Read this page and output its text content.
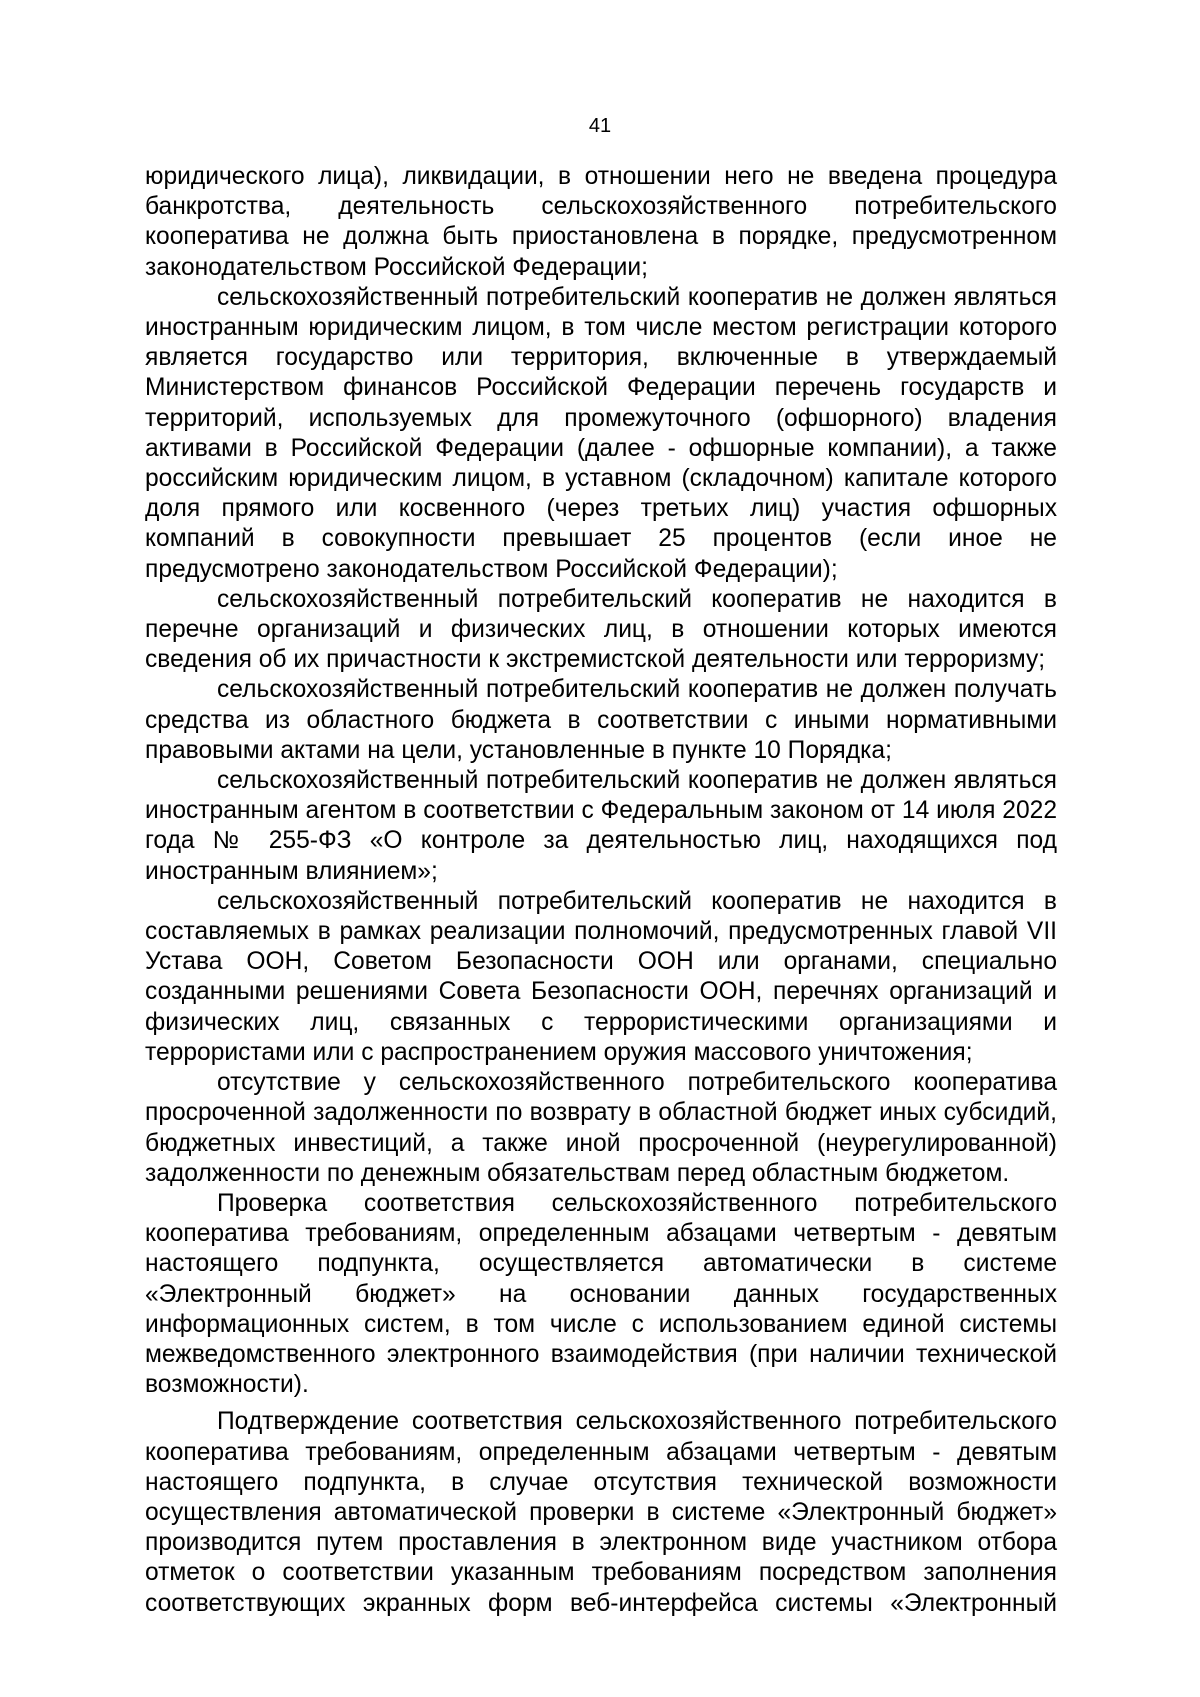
41

юридического лица), ликвидации, в отношении него не введена процедура банкротства, деятельность сельскохозяйственного потребительского кооператива не должна быть приостановлена в порядке, предусмотренном законодательством Российской Федерации;

сельскохозяйственный потребительский кооператив не должен являться иностранным юридическим лицом, в том числе местом регистрации которого является государство или территория, включенные в утверждаемый Министерством финансов Российской Федерации перечень государств и территорий, используемых для промежуточного (офшорного) владения активами в Российской Федерации (далее - офшорные компании), а также российским юридическим лицом, в уставном (складочном) капитале которого доля прямого или косвенного (через третьих лиц) участия офшорных компаний в совокупности превышает 25 процентов (если иное не предусмотрено законодательством Российской Федерации);

сельскохозяйственный потребительский кооператив не находится в перечне организаций и физических лиц, в отношении которых имеются сведения об их причастности к экстремистской деятельности или терроризму;

сельскохозяйственный потребительский кооператив не должен получать средства из областного бюджета в соответствии с иными нормативными правовыми актами на цели, установленные в пункте 10 Порядка;

сельскохозяйственный потребительский кооператив не должен являться иностранным агентом в соответствии с Федеральным законом от 14 июля 2022 года № 255-ФЗ «О контроле за деятельностью лиц, находящихся под иностранным влиянием»;

сельскохозяйственный потребительский кооператив не находится в составляемых в рамках реализации полномочий, предусмотренных главой VII Устава ООН, Советом Безопасности ООН или органами, специально созданными решениями Совета Безопасности ООН, перечнях организаций и физических лиц, связанных с террористическими организациями и террористами или с распространением оружия массового уничтожения;

отсутствие у сельскохозяйственного потребительского кооператива просроченной задолженности по возврату в областной бюджет иных субсидий, бюджетных инвестиций, а также иной просроченной (неурегулированной) задолженности по денежным обязательствам перед областным бюджетом.

Проверка соответствия сельскохозяйственного потребительского кооператива требованиям, определенным абзацами четвертым - девятым настоящего подпункта, осуществляется автоматически в системе «Электронный бюджет» на основании данных государственных информационных систем, в том числе с использованием единой системы межведомственного электронного взаимодействия (при наличии технической возможности).

Подтверждение соответствия сельскохозяйственного потребительского кооператива требованиям, определенным абзацами четвертым - девятым настоящего подпункта, в случае отсутствия технической возможности осуществления автоматической проверки в системе «Электронный бюджет» производится путем проставления в электронном виде участником отбора отметок о соответствии указанным требованиям посредством заполнения соответствующих экранных форм веб-интерфейса системы «Электронный
